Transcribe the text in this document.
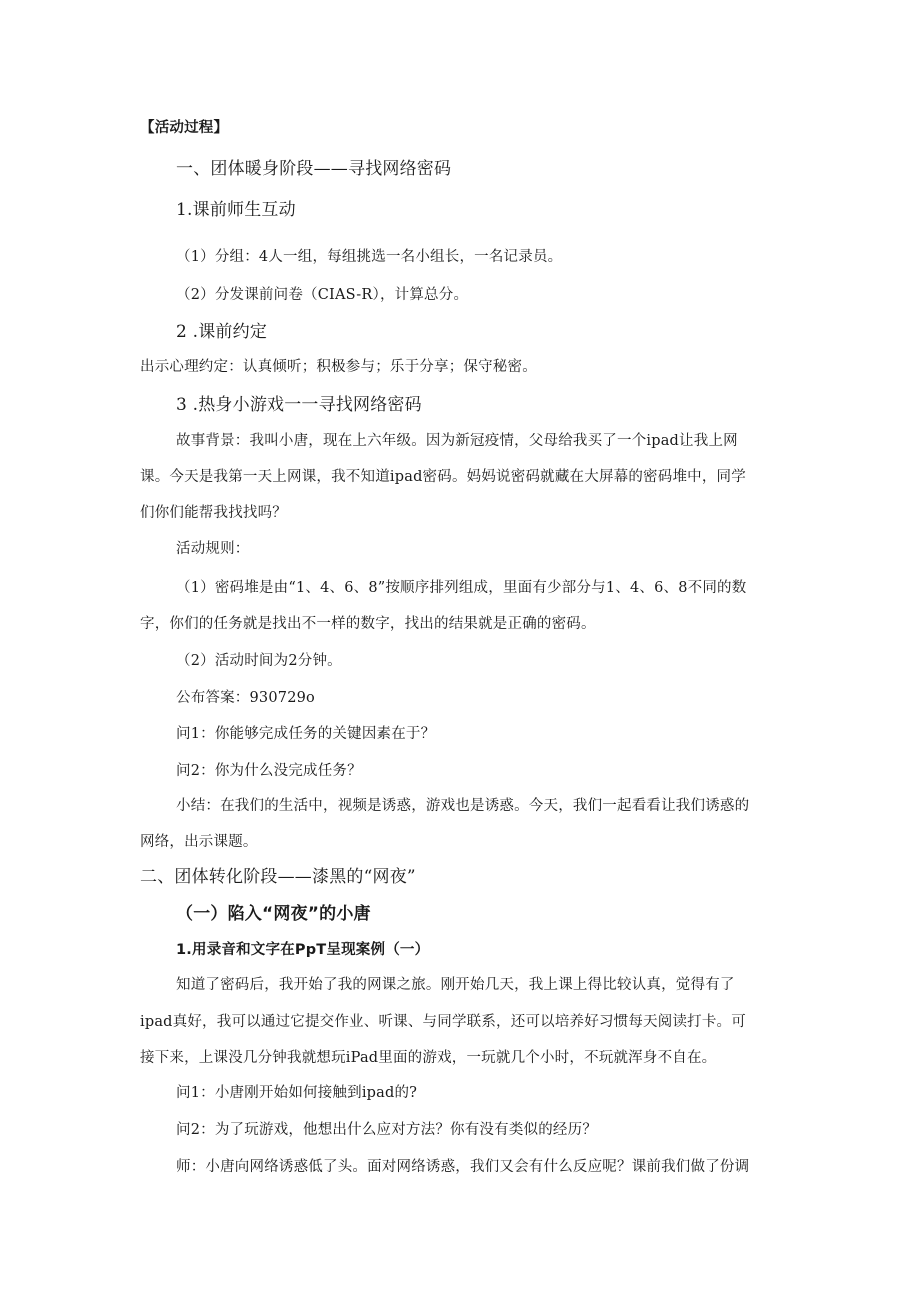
【活动过程】
一、团体暖身阶段——寻找网络密码
1.课前师生互动
（1）分组：4人一组，每组挑选一名小组长，一名记录员。
（2）分发课前问卷（CIAS-R），计算总分。
2 .课前约定
出示心理约定：认真倾听；积极参与；乐于分享；保守秘密。
3 .热身小游戏一一寻找网络密码
故事背景：我叫小唐，现在上六年级。因为新冠疫情，父母给我买了一个ipad让我上网
课。今天是我第一天上网课，我不知道ipad密码。妈妈说密码就藏在大屏幕的密码堆中，同学
们你们能帮我找找吗？
活动规则：
（1）密码堆是由“1、4、6、8”按顺序排列组成，里面有少部分与1、4、6、8不同的数
字，你们的任务就是找出不一样的数字，找出的结果就是正确的密码。
（2）活动时间为2分钟。
公布答案：930729o
问1：你能够完成任务的关键因素在于？
问2：你为什么没完成任务？
小结：在我们的生活中，视频是诱惑，游戏也是诱惑。今天，我们一起看看让我们诱惑的
网络，出示课题。
二、团体转化阶段——漆黑的“网夜”
（一）陷入“网夜”的小唐
1.用录音和文字在PpT呈现案例（一）
知道了密码后，我开始了我的网课之旅。刚开始几天，我上课上得比较认真，觉得有了
ipad真好，我可以通过它提交作业、听课、与同学联系，还可以培养好习惯每天阅读打卡。可
接下来，上课没几分钟我就想玩iPad里面的游戏，一玩就几个小时，不玩就浑身不自在。
问1：小唐刚开始如何接触到ipad的?
问2：为了玩游戏，他想出什么应对方法？你有没有类似的经历？
师：小唐向网络诱惑低了头。面对网络诱惑，我们又会有什么反应呢？课前我们做了份调
